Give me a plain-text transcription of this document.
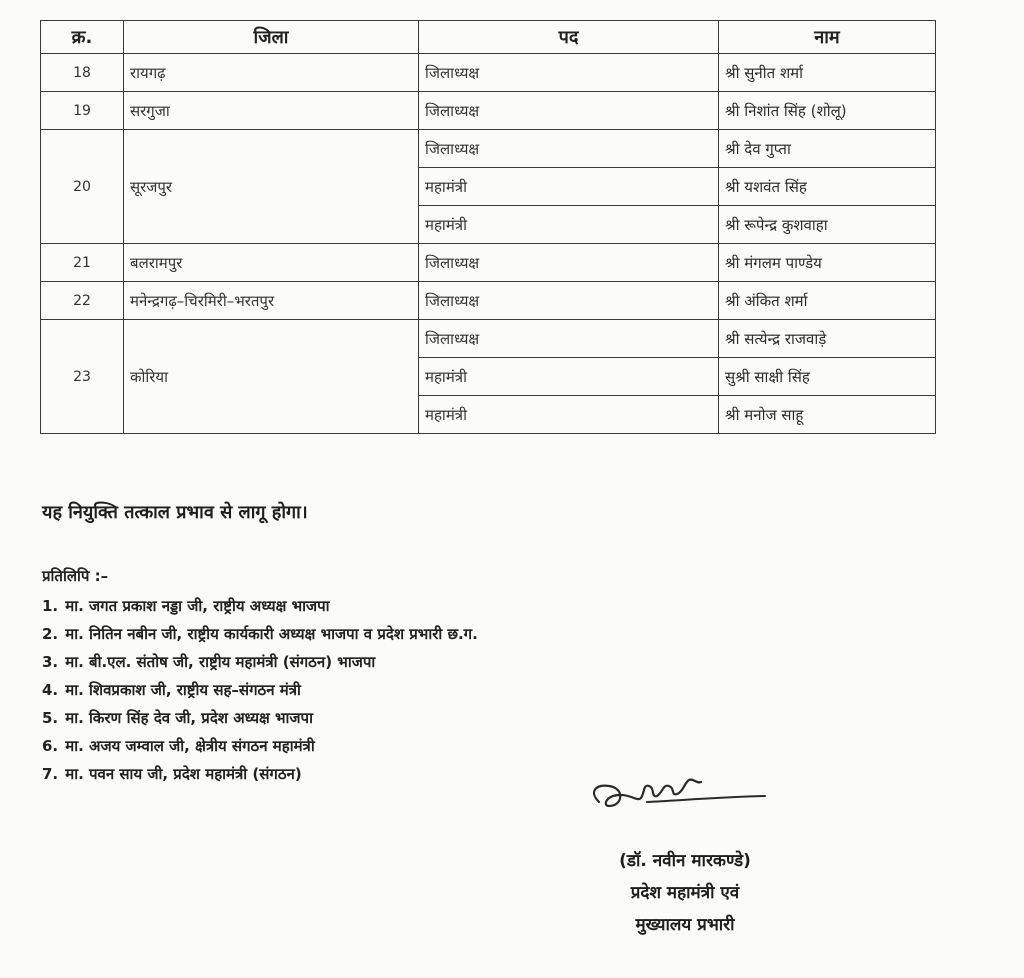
क्र.	जिला	पद	नाम
18	रायगढ़	जिलाध्यक्ष	श्री सुनीत शर्मा
19	सरगुजा	जिलाध्यक्ष	श्री निशांत सिंह (शोलू)
20	सूरजपुर	जिलाध्यक्ष	श्री देव गुप्ता
		महामंत्री	श्री यशवंत सिंह
		महामंत्री	श्री रूपेन्द्र कुशवाहा
21	बलरामपुर	जिलाध्यक्ष	श्री मंगलम पाण्डेय
22	मनेन्द्रगढ़–चिरमिरी–भरतपुर	जिलाध्यक्ष	श्री अंकित शर्मा
23	कोरिया	जिलाध्यक्ष	श्री सत्येन्द्र राजवाड़े
		महामंत्री	सुश्री साक्षी सिंह
		महामंत्री	श्री मनोज साहू
यह नियुक्ति तत्काल प्रभाव से लागू होगा।
प्रतिलिपि :–
1. मा. जगत प्रकाश नड्डा जी, राष्ट्रीय अध्यक्ष भाजपा
2. मा. नितिन नबीन जी, राष्ट्रीय कार्यकारी अध्यक्ष भाजपा व प्रदेश प्रभारी छ.ग.
3. मा. बी.एल. संतोष जी, राष्ट्रीय महामंत्री (संगठन) भाजपा
4. मा. शिवप्रकाश जी, राष्ट्रीय सह–संगठन मंत्री
5. मा. किरण सिंह देव जी, प्रदेश अध्यक्ष भाजपा
6. मा. अजय जम्वाल जी, क्षेत्रीय संगठन महामंत्री
7. मा. पवन साय जी, प्रदेश महामंत्री (संगठन)
(डॉ. नवीन मारकण्डे)
प्रदेश महामंत्री एवं
मुख्यालय प्रभारी
